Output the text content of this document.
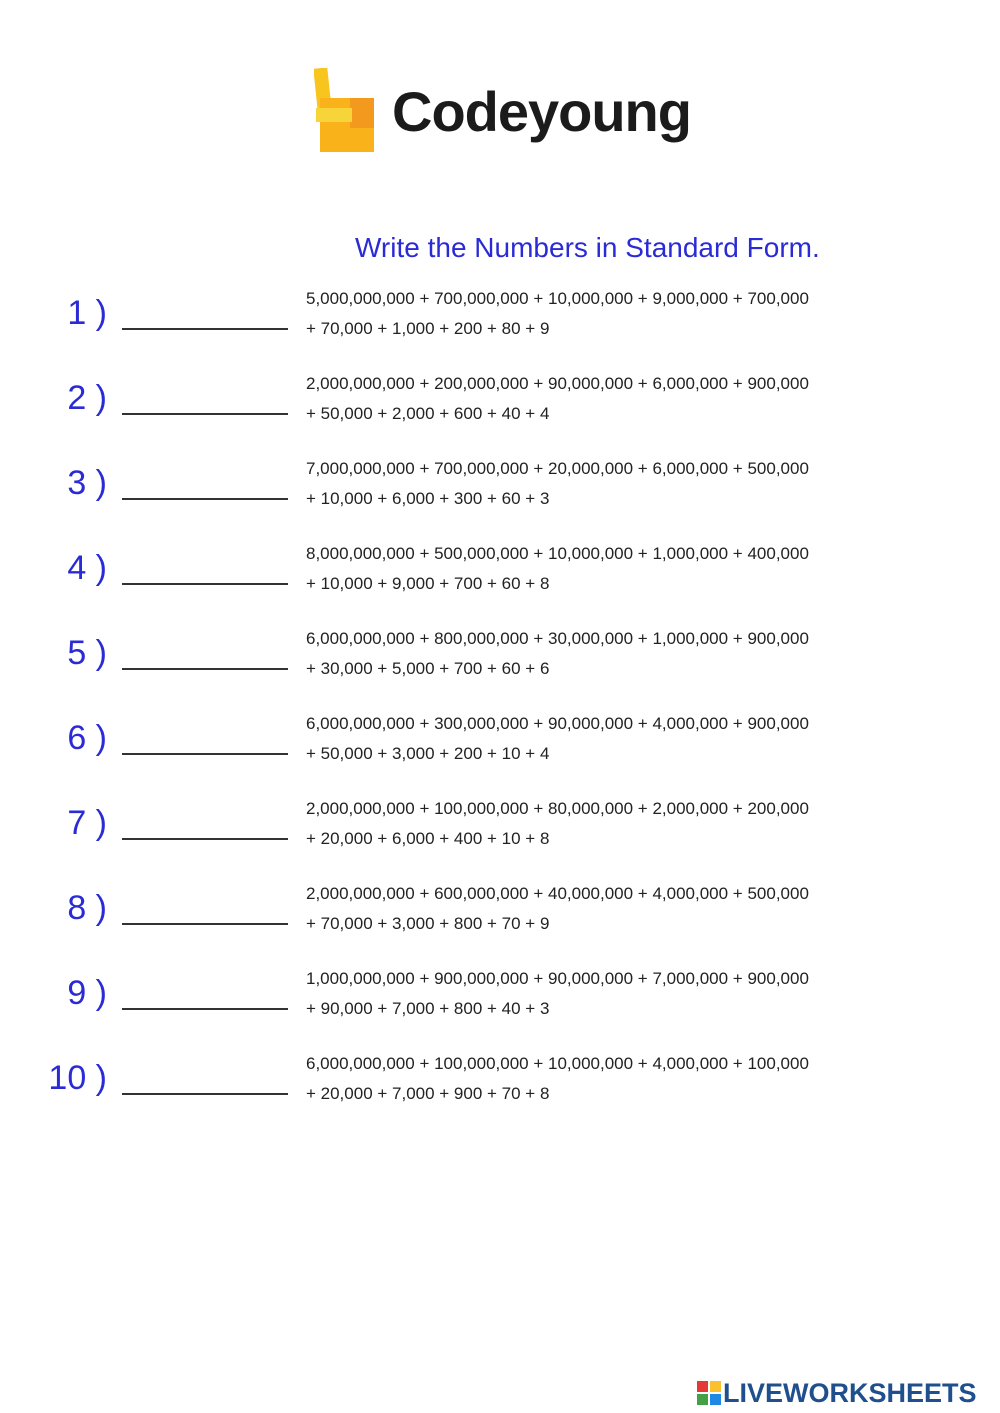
Codeyoung
Write the Numbers in Standard Form.
1 )	5,000,000,000 + 700,000,000 + 10,000,000 + 9,000,000 + 700,000
+ 70,000 + 1,000 + 200 + 80 + 9
2 )	2,000,000,000 + 200,000,000 + 90,000,000 + 6,000,000 + 900,000
+ 50,000 + 2,000 + 600 + 40 + 4
3 )	7,000,000,000 + 700,000,000 + 20,000,000 + 6,000,000 + 500,000
+ 10,000 + 6,000 + 300 + 60 + 3
4 )	8,000,000,000 + 500,000,000 + 10,000,000 + 1,000,000 + 400,000
+ 10,000 + 9,000 + 700 + 60 + 8
5 )	6,000,000,000 + 800,000,000 + 30,000,000 + 1,000,000 + 900,000
+ 30,000 + 5,000 + 700 + 60 + 6
6 )	6,000,000,000 + 300,000,000 + 90,000,000 + 4,000,000 + 900,000
+ 50,000 + 3,000 + 200 + 10 + 4
7 )	2,000,000,000 + 100,000,000 + 80,000,000 + 2,000,000 + 200,000
+ 20,000 + 6,000 + 400 + 10 + 8
8 )	2,000,000,000 + 600,000,000 + 40,000,000 + 4,000,000 + 500,000
+ 70,000 + 3,000 + 800 + 70 + 9
9 )	1,000,000,000 + 900,000,000 + 90,000,000 + 7,000,000 + 900,000
+ 90,000 + 7,000 + 800 + 40 + 3
10 )	6,000,000,000 + 100,000,000 + 10,000,000 + 4,000,000 + 100,000
+ 20,000 + 7,000 + 900 + 70 + 8
LIVEWORKSHEETS
